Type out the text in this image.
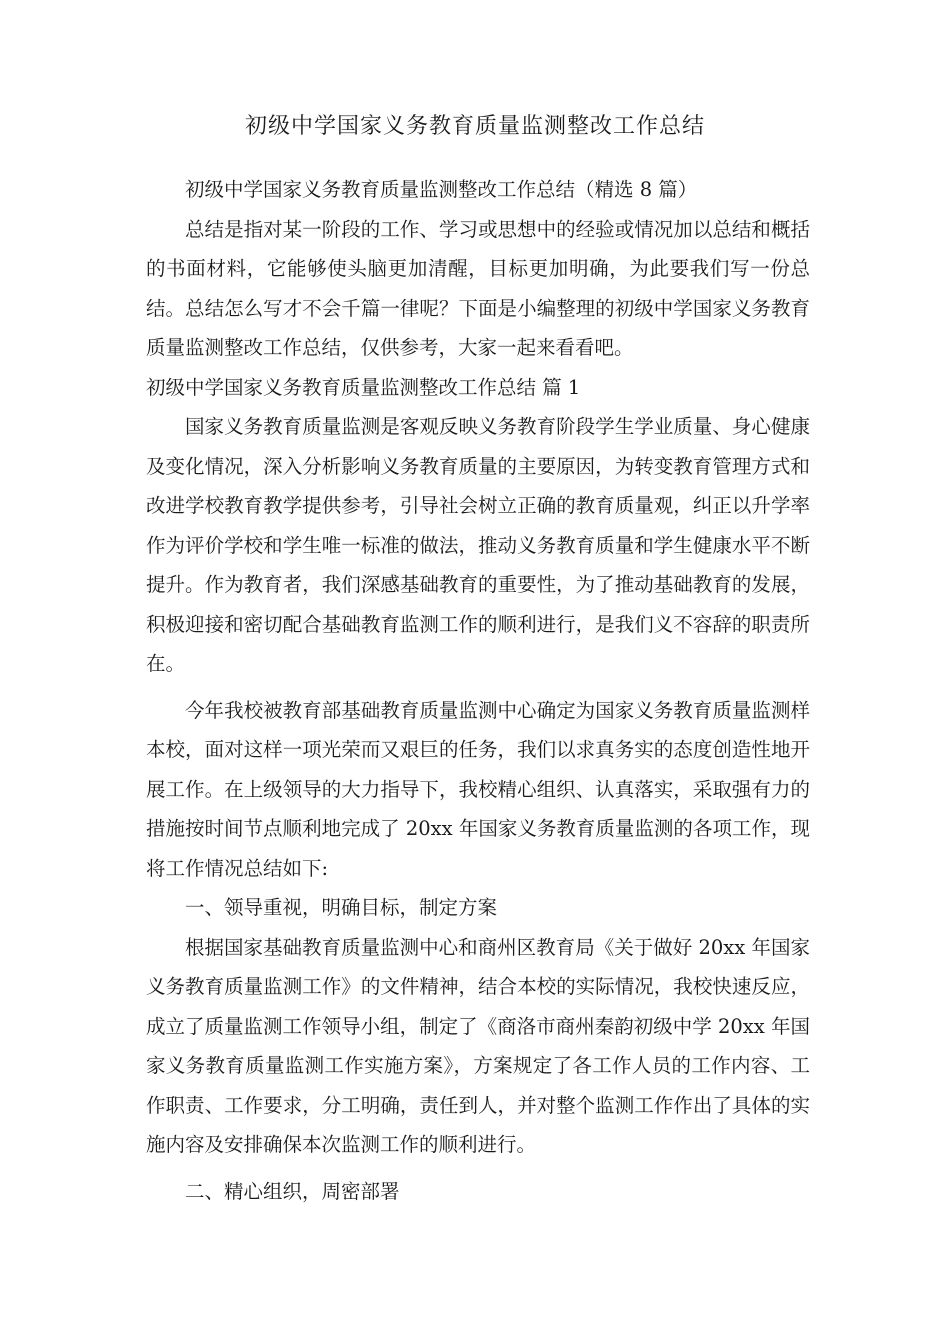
初级中学国家义务教育质量监测整改工作总结

初级中学国家义务教育质量监测整改工作总结（精选 8 篇）

总结是指对某一阶段的工作、学习或思想中的经验或情况加以总结和概括的书面材料，它能够使头脑更加清醒，目标更加明确，为此要我们写一份总结。总结怎么写才不会千篇一律呢？下面是小编整理的初级中学国家义务教育质量监测整改工作总结，仅供参考，大家一起来看看吧。

初级中学国家义务教育质量监测整改工作总结 篇 1

国家义务教育质量监测是客观反映义务教育阶段学生学业质量、身心健康及变化情况，深入分析影响义务教育质量的主要原因，为转变教育管理方式和改进学校教育教学提供参考，引导社会树立正确的教育质量观，纠正以升学率作为评价学校和学生唯一标准的做法，推动义务教育质量和学生健康水平不断提升。作为教育者，我们深感基础教育的重要性，为了推动基础教育的发展，积极迎接和密切配合基础教育监测工作的顺利进行，是我们义不容辞的职责所在。

今年我校被教育部基础教育质量监测中心确定为国家义务教育质量监测样本校，面对这样一项光荣而又艰巨的任务，我们以求真务实的态度创造性地开展工作。在上级领导的大力指导下，我校精心组织、认真落实，采取强有力的措施按时间节点顺利地完成了 20xx 年国家义务教育质量监测的各项工作，现将工作情况总结如下:

一、领导重视，明确目标，制定方案

根据国家基础教育质量监测中心和商州区教育局《关于做好 20xx 年国家义务教育质量监测工作》的文件精神，结合本校的实际情况，我校快速反应，成立了质量监测工作领导小组，制定了《商洛市商州秦韵初级中学 20xx 年国家义务教育质量监测工作实施方案》，方案规定了各工作人员的工作内容、工作职责、工作要求，分工明确，责任到人，并对整个监测工作作出了具体的实施内容及安排确保本次监测工作的顺利进行。

二、精心组织，周密部署
